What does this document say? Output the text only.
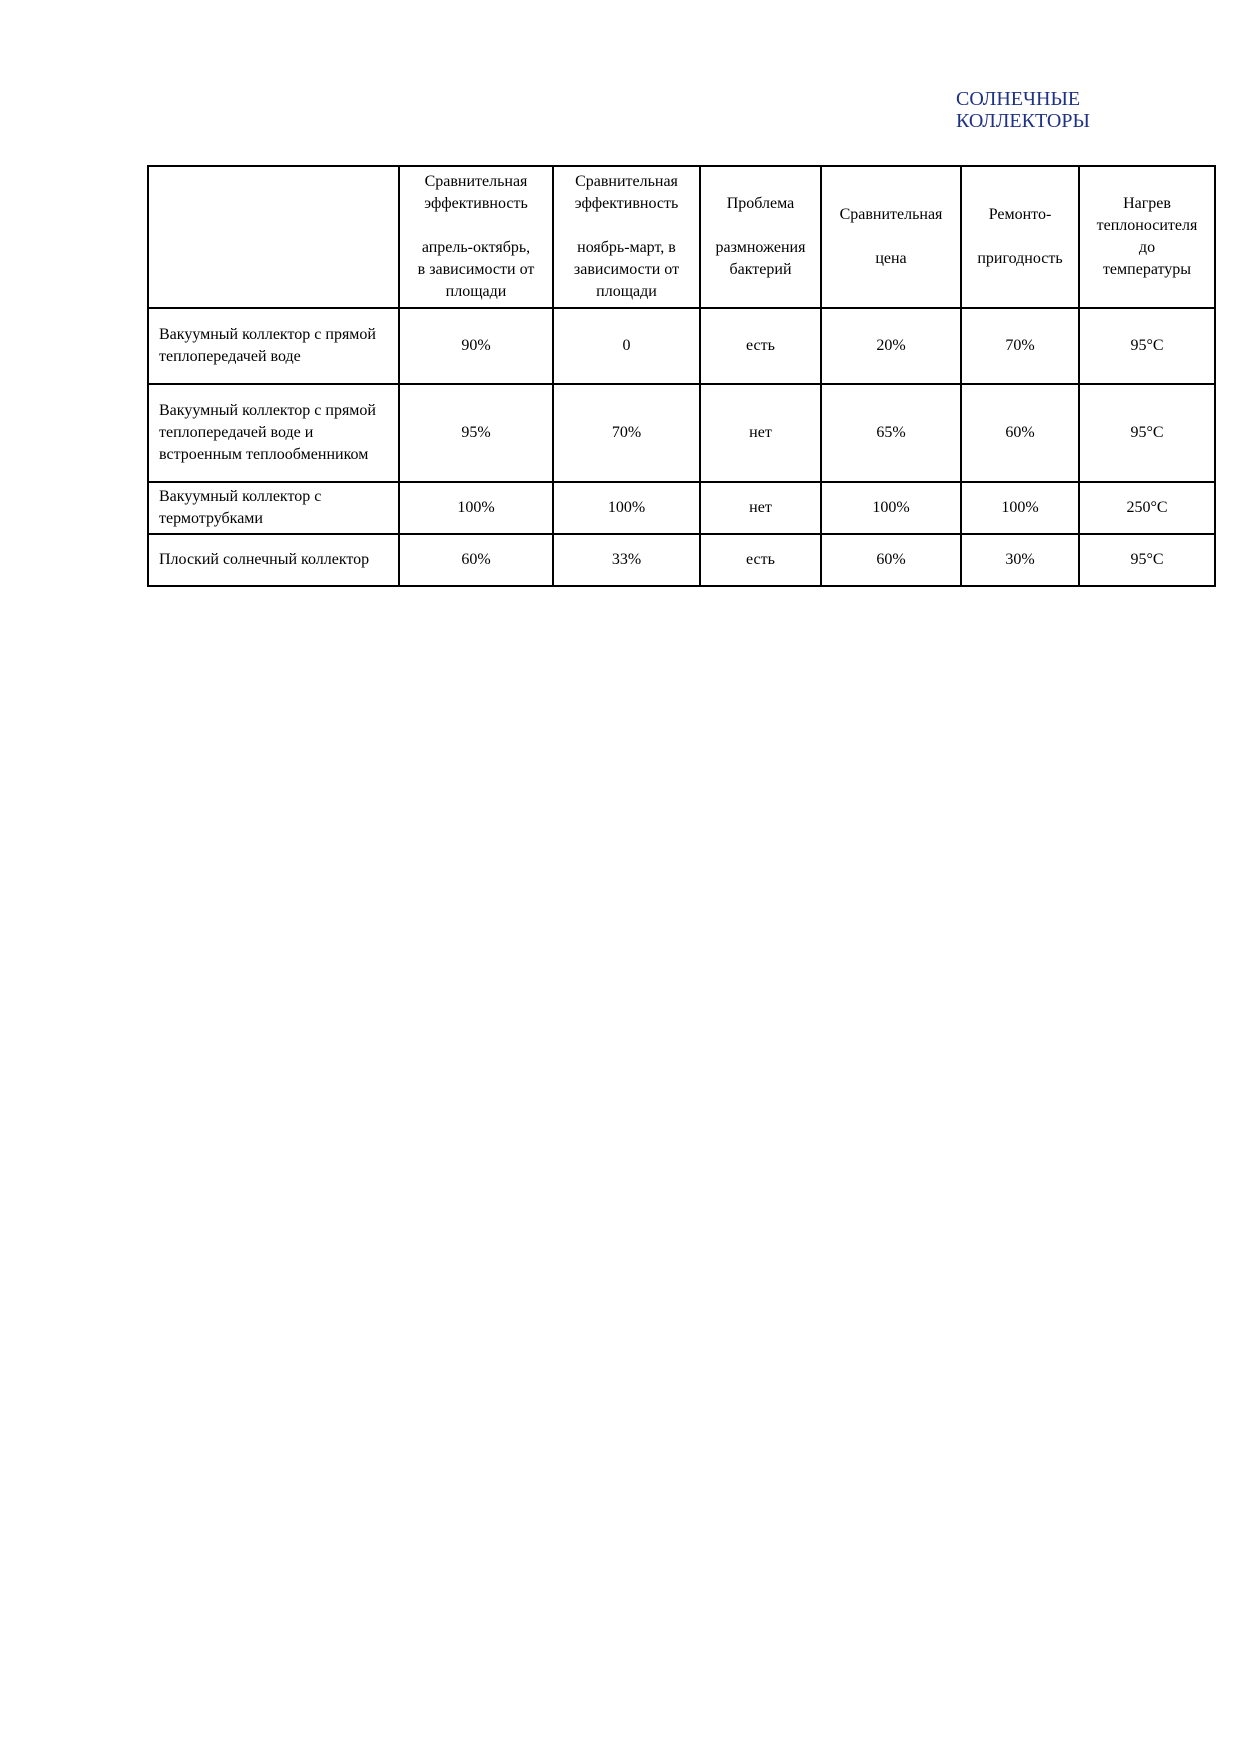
СОЛНЕЧНЫЕ
КОЛЛЕКТОРЫ

	Сравнительная
эффективность
апрель-октябрь,
в зависимости от
площади	Сравнительная
эффективность
ноябрь-март, в
зависимости от
площади	Проблема
размножения
бактерий	Сравнительная
цена	Ремонто-
пригодность	Нагрев
теплоносителя
до
температуры

Вакуумный коллектор с прямой теплопередачей воде	90%	0	есть	20%	70%	95°С
Вакуумный коллектор с прямой теплопередачей воде и встроенным теплообменником	95%	70%	нет	65%	60%	95°С
Вакуумный коллектор с термотрубками	100%	100%	нет	100%	100%	250°С
Плоский солнечный коллектор	60%	33%	есть	60%	30%	95°С
